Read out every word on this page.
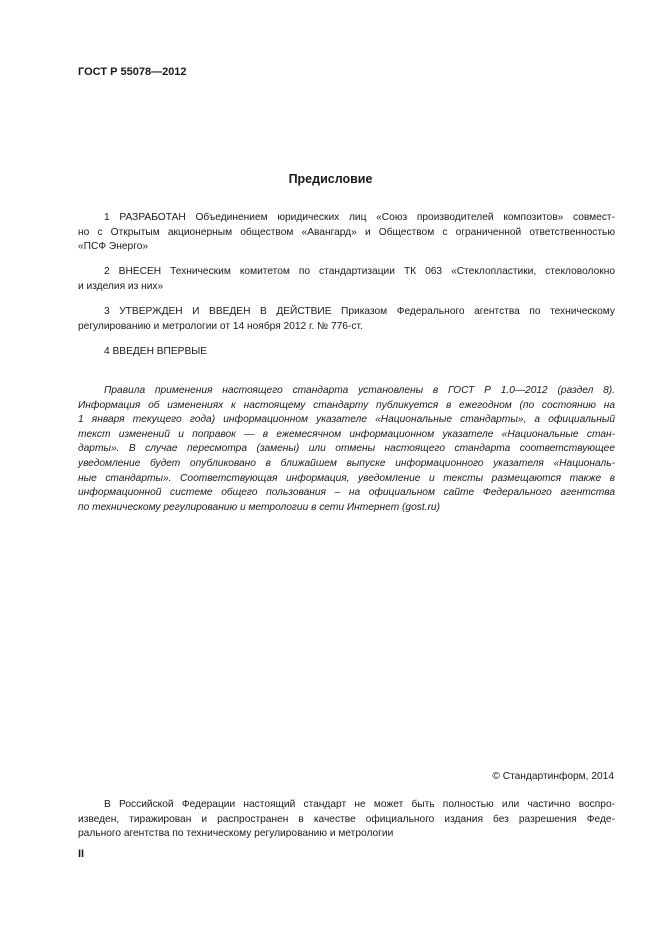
ГОСТ Р 55078—2012
Предисловие
1 РАЗРАБОТАН Объединением юридических лиц «Союз производителей композитов» совмест-
но с Открытым акционерным обществом «Авангард» и Обществом с ограниченной ответственностью
«ПСФ Энерго»
2 ВНЕСЕН Техническим комитетом по стандартизации ТК 063 «Стеклопластики, стекловолокно
и изделия из них»
3 УТВЕРЖДЕН И ВВЕДЕН В ДЕЙСТВИЕ Приказом Федерального агентства по техническому
регулированию и метрологии от 14 ноября 2012 г. № 776-ст.
4 ВВЕДЕН ВПЕРВЫЕ
Правила применения настоящего стандарта установлены в ГОСТ Р 1.0—2012 (раздел 8).
Информация об изменениях к настоящему стандарту публикуется в ежегодном (по состоянию на
1 января текущего года) информационном указателе «Национальные стандарты», а официальный
текст изменений и поправок — в ежемесячном информационном указателе «Национальные стан-
дарты». В случае пересмотра (замены) или отмены настоящего стандарта соответствующее
уведомление будет опубликовано в ближайшем выпуске информационного указателя «Националь-
ные стандарты». Соответствующая информация, уведомление и тексты размещаются также в
информационной системе общего пользования – на официальном сайте Федерального агентства
по техническому регулированию и метрологии в сети Интернет (gost.ru)
© Стандартинформ, 2014
В Российской Федерации настоящий стандарт не может быть полностью или частично воспро-
изведен, тиражирован и распространен в качестве официального издания без разрешения Феде-
рального агентства по техническому регулированию и метрологии
II
